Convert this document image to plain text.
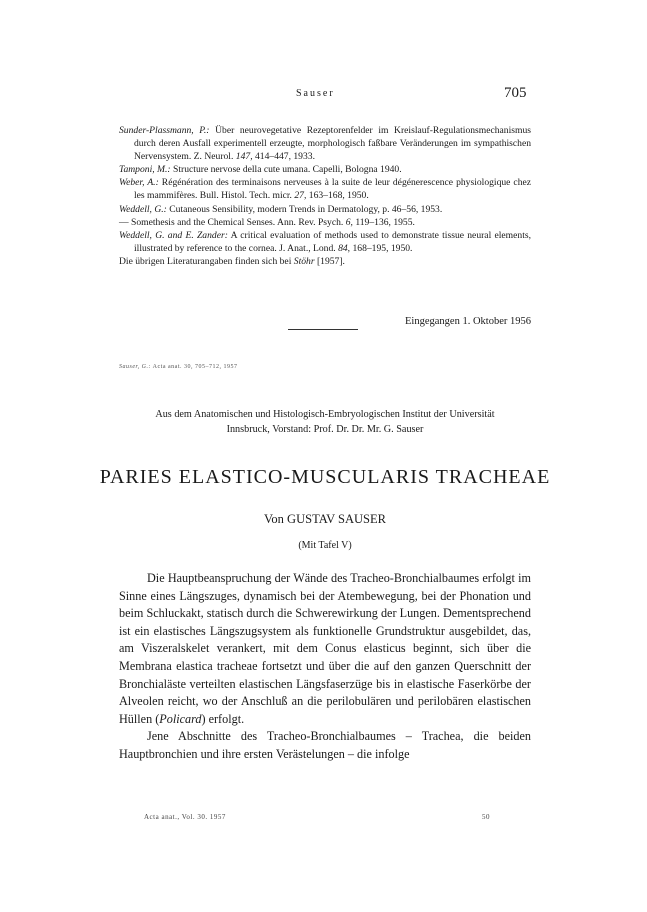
Sauser	705
Sunder-Plassmann, P.: Über neurovegetative Rezeptorenfelder im Kreislauf-Regulationsmechanismus durch deren Ausfall experimentell erzeugte, morphologisch faßbare Veränderungen im sympathischen Nervensystem. Z. Neurol. 147, 414–447, 1933.
Tamponi, M.: Structure nervose della cute umana. Capelli, Bologna 1940.
Weber, A.: Régénération des terminaisons nerveuses à la suite de leur dégénerescence physiologique chez les mammifères. Bull. Histol. Tech. micr. 27, 163–168, 1950.
Weddell, G.: Cutaneous Sensibility, modern Trends in Dermatology, p. 46–56, 1953.
— Somethesis and the Chemical Senses. Ann. Rev. Psych. 6, 119–136, 1955.
Weddell, G. and E. Zander: A critical evaluation of methods used to demonstrate tissue neural elements, illustrated by reference to the cornea. J. Anat., Lond. 84, 168–195, 1950.
Die übrigen Literaturangaben finden sich bei Stöhr [1957].
Eingegangen 1. Oktober 1956
Sauser, G.: Acta anat. 30, 705–712, 1957
Aus dem Anatomischen und Histologisch-Embryologischen Institut der Universität
Innsbruck, Vorstand: Prof. Dr. Dr. Mr. G. Sauser
PARIES ELASTICO-MUSCULARIS TRACHEAE
Von GUSTAV SAUSER
(Mit Tafel V)

Die Hauptbeanspruchung der Wände des Tracheo-Bronchialbaumes erfolgt im Sinne eines Längszuges, dynamisch bei der Atembewegung, bei der Phonation und beim Schluckakt, statisch durch die Schwerewirkung der Lungen. Dementsprechend ist ein elastisches Längszugsystem als funktionelle Grundstruktur ausgebildet, das, am Viszeralskelet verankert, mit dem Conus elasticus beginnt, sich über die Membrana elastica tracheae fortsetzt und über die auf den ganzen Querschnitt der Bronchialäste verteilten elastischen Längsfaserzüge bis in elastische Faserkörbe der Alveolen reicht, wo der Anschluß an die perilobulären und perilobären elastischen Hüllen (Policard) erfolgt.

Jene Abschnitte des Tracheo-Bronchialbaumes – Trachea, die beiden Hauptbronchien und ihre ersten Verästelungen – die infolge

Acta anat., Vol. 30. 1957	50
